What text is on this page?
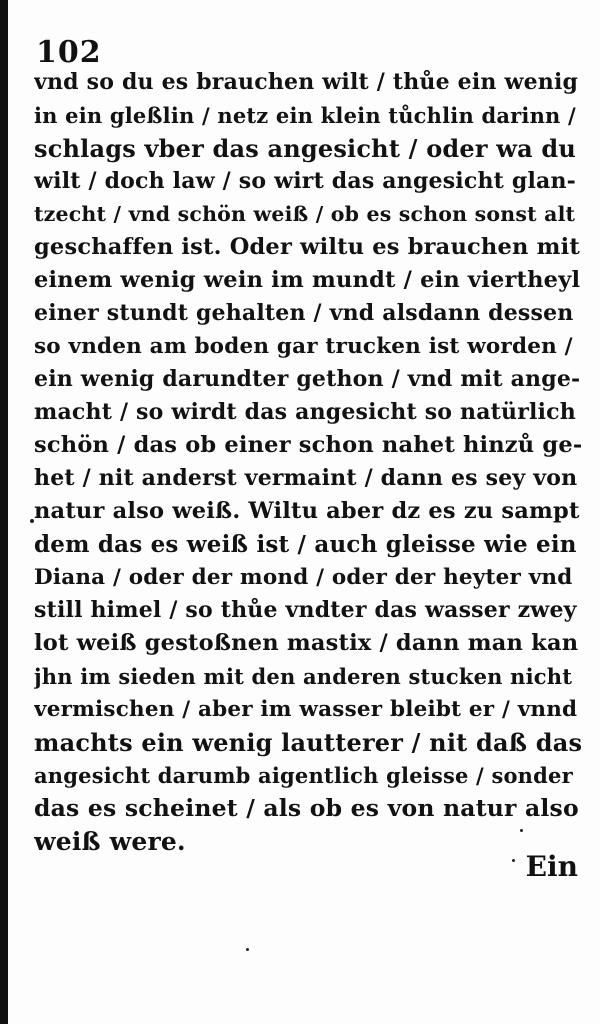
102
vnd so du es brauchen wilt / thůe ein wenig
in ein gleßlin / netz ein klein tůchlin darinn /
schlags vber das angesicht / oder wa du
wilt / doch law / so wirt das angesicht glan-
tzecht / vnd schön weiß / ob es schon sonst alt
geschaffen ist. Oder wiltu es brauchen mit
einem wenig wein im mundt / ein viertheyl
einer stundt gehalten / vnd alsdann dessen
so vnden am boden gar trucken ist worden /
ein wenig darundter gethon / vnd mit ange-
macht / so wirdt das angesicht so natürlich
schön / das ob einer schon nahet hinzů ge-
het / nit anderst vermaint / dann es sey von
natur also weiß. Wiltu aber dz es zu sampt
dem das es weiß ist / auch gleisse wie ein
Diana / oder der mond / oder der heyter vnd
still himel / so thůe vndter das wasser zwey
lot weiß gestoßnen mastix / dann man kan
jhn im sieden mit den anderen stucken nicht
vermischen / aber im wasser bleibt er / vnnd
machts ein wenig lautterer / nit daß das
angesicht darumb aigentlich gleisse / sonder
das es scheinet / als ob es von natur also
weiß were.
Ein
